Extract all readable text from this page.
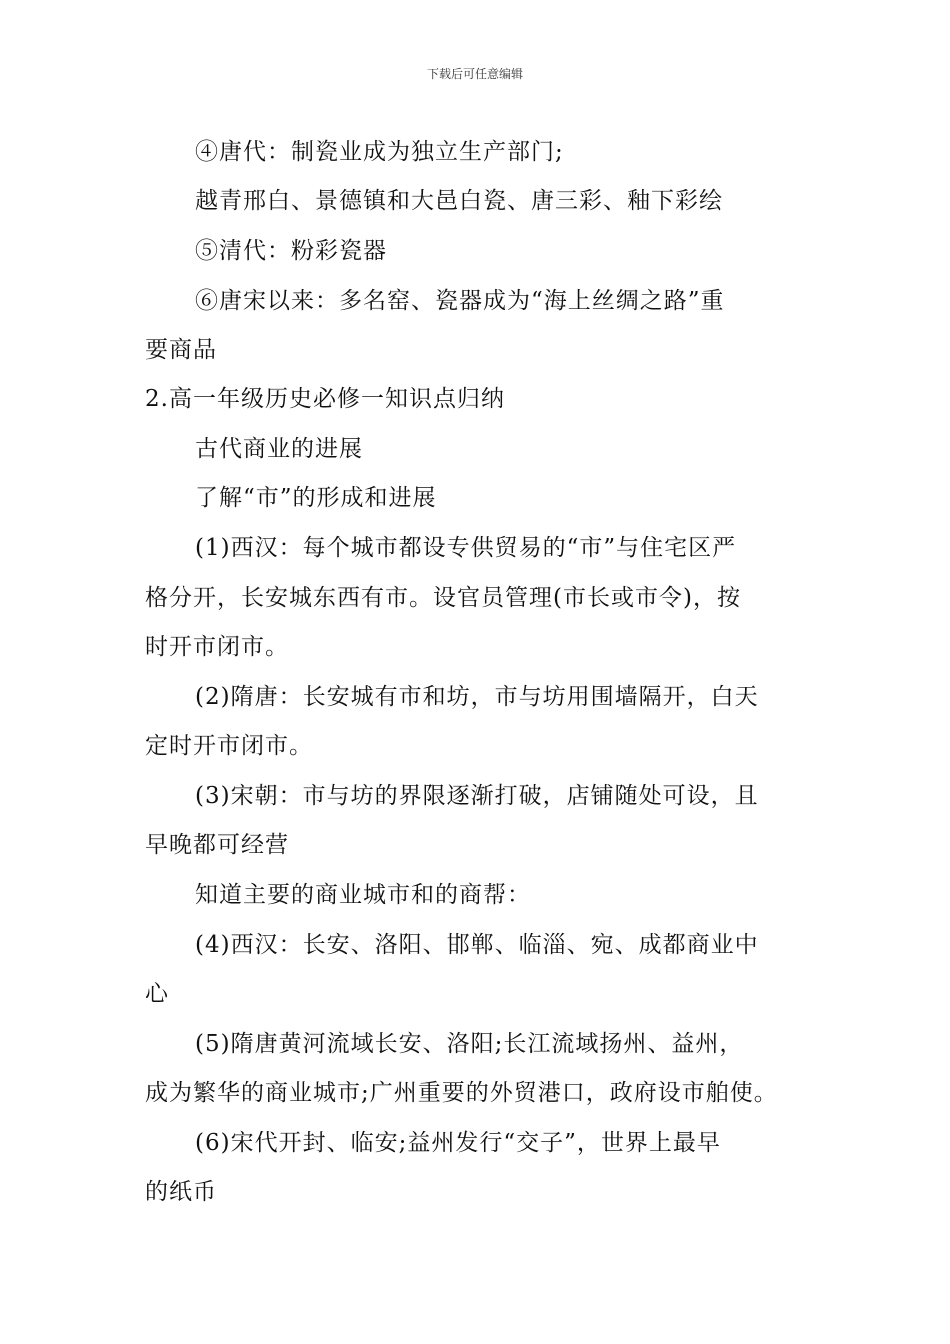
下载后可任意编辑
④唐代：制瓷业成为独立生产部门;
越青邢白、景德镇和大邑白瓷、唐三彩、釉下彩绘
⑤清代：粉彩瓷器
⑥唐宋以来：多名窑、瓷器成为“海上丝绸之路”重
要商品
2.高一年级历史必修一知识点归纳
古代商业的进展
了解“市”的形成和进展
(1)西汉：每个城市都设专供贸易的“市”与住宅区严
格分开，长安城东西有市。设官员管理(市长或市令)，按
时开市闭市。
(2)隋唐：长安城有市和坊，市与坊用围墙隔开，白天
定时开市闭市。
(3)宋朝：市与坊的界限逐渐打破，店铺随处可设，且
早晚都可经营
知道主要的商业城市和的商帮：
(4)西汉：长安、洛阳、邯郸、临淄、宛、成都商业中
心
(5)隋唐黄河流域长安、洛阳;长江流域扬州、益州，
成为繁华的商业城市;广州重要的外贸港口，政府设市舶使。
(6)宋代开封、临安;益州发行“交子”，世界上最早
的纸币
